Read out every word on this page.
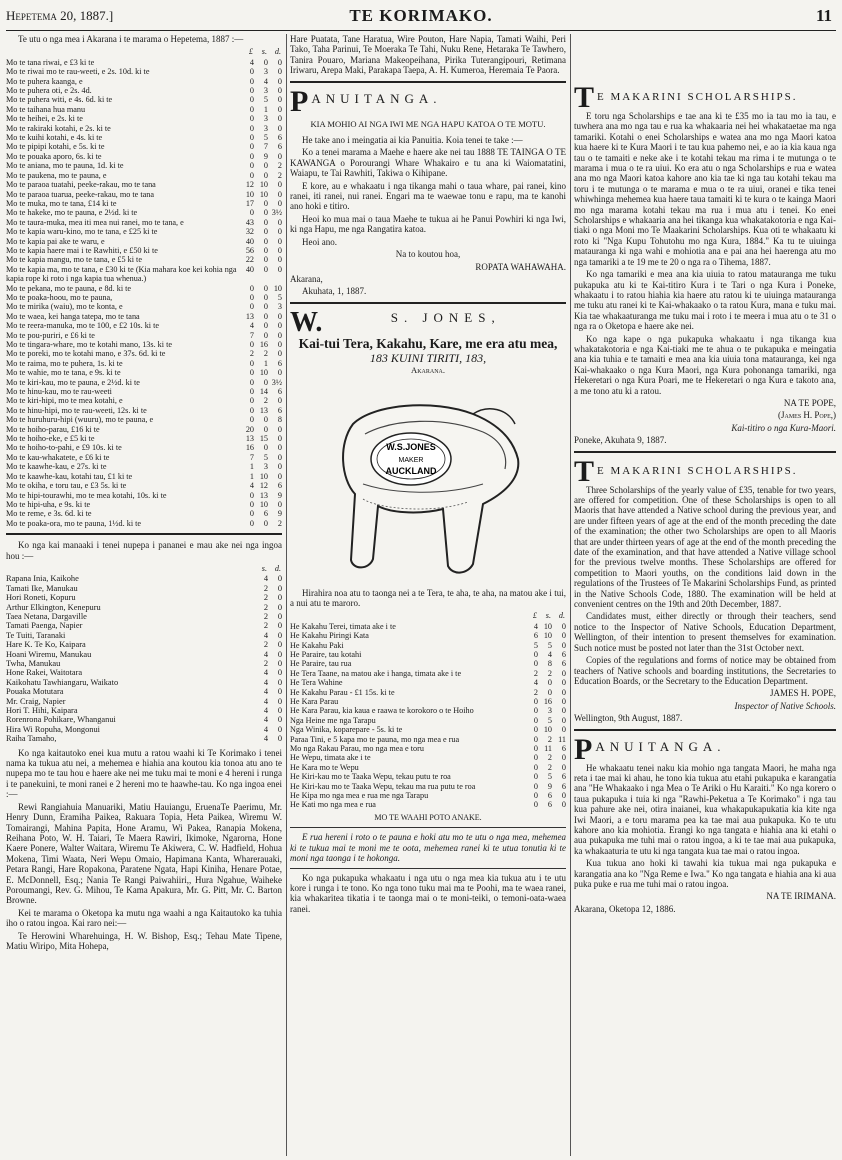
Hepetema 20, 1887.]	TE KORIMAKO.	11

Te utu o nga mea i Akarana i te marama o Hepetema, 1887 :—

	£	s.	d.
Mo te tana riwai, e £3 ki te	4	0	0
Mo te riwai mo te rau-weeti, e 2s. 10d. ki te	0	3	0
Mo te puhera kaanga, e	0	4	0
Mo te puhera oti, e 2s. 4d.	0	3	0
Mo te puhera witi, e 4s. 6d. ki te	0	5	0
Mo te taihana hua manu	0	1	0
Mo te heihei, e 2s. ki te	0	3	0
Mo te rakiraki kotahi, e 2s. ki te	0	3	0
Mo te kuihi kotahi, e 4s. ki te	0	5	6
Mo te pipipi kotahi, e 5s. ki te	0	7	6
Mo te pouaka aporo, 6s. ki te	0	9	0
Mo te aniana, mo te pauna, 1d. ki te	0	0	2
Mo te paukena, mo te pauna, e	0	0	2
Mo te paraoa tuatahi, peeke-rakau, mo te tana	12	10	0
Mo te paraoa tuarua, peeke-rakau, mo te tana	10	10	0
Mo te muka, mo te tana, £14 ki te	17	0	0
Mo te hakeke, mo te pauna, e 2½d. ki te	0	0	3½
Mo te taura-muka, mea iti mea nui ranei, mo te tana, e	43	0	0
Mo te kapia waru-kino, mo te tana, e £25 ki te	32	0	0
Mo te kapia pai ake te waru, e	40	0	0
Mo te kapia haere mai i te Rawhiti, e £50 ki te	56	0	0
Mo te kapia mangu, mo te tana, e £5 ki te	22	0	0
Mo te kapia ma, mo te tana, e £30 ki te (Kia mahara koe kei kohia nga kapia rope ki roto i nga kapia tua whenua.)	40	0	0
Mo te pekana, mo te pauna, e 8d. ki te	0	0	10
Mo te poaka-hoou, mo te pauna,	0	0	5
Mo te mirika (waiu), mo te konta, e	0	0	3
Mo te waea, kei hanga tatepa, mo te tana	13	0	0
Mo te reera-manuka, mo te 100, e £2 10s. ki te	4	0	0
Mo te pou-puriri, e £6 ki te	7	0	0
Mo te tingara-whare, mo te kotahi mano, 13s. ki te	0	16	0
Mo te poreki, mo te kotahi mano, e 37s. 6d. ki te	2	2	0
Mo te raima, mo te puhera, 1s. ki te	0	1	6
Mo te wahie, mo te tana, e 9s. ki te	0	10	0
Mo te kiri-kau, mo te pauna, e 2½d. ki te	0	0	3½
Mo te hinu-kau, mo te rau-weeti	0	14	6
Mo te kiri-hipi, mo te mea kotahi, e	0	2	0
Mo te hinu-hipi, mo te rau-weeti, 12s. ki te	0	13	6
Mo te huruhuru-hipi (wuuru), mo te pauna, e	0	0	8
Mo te hoiho-parau, £16 ki te	20	0	0
Mo te hoiho-eke, e £5 ki te	13	15	0
Mo te hoiho-to-pahi, e £9 10s. ki te	16	0	0
Mo te kau-whakatete, e £6 ki te	7	5	0
Mo te kaawhe-kau, e 27s. ki te	1	3	0
Mo te kaawhe-kau, kotahi tau, £1 ki te	1	10	0
Mo te okiha, e toru tau, e £3 5s. ki te	4	12	6
Mo te hipi-tourawhi, mo te mea kotahi, 10s. ki te	0	13	9
Mo te hipi-uha, e 9s. ki te	0	10	0
Mo te reme, e 3s. 6d. ki te	0	6	9
Mo te poaka-ora, mo te pauna, 1½d. ki te	0	0	2

Ko nga kai manaaki i tenei nupepa i pananei e mau ake nei nga ingoa hou :—

	s.	d.
Rapana Inia, Kaikohe	4	0
Tamati Ike, Manukau	2	0
Hori Roneti, Kopuru	2	0
Arthur Elkington, Kenepuru	2	0
Taea Netana, Dargaville	2	0
Tamati Paenga, Napier	2	0
Te Tuiti, Taranaki	4	0
Hare K. Te Ko, Kaipara	2	0
Hoani Wiremu, Manukau	4	0
Twha, Manukau	2	0
Hone Rakei, Waitotara	4	0
Kaikohatu Tawhiangaru, Waikato	4	0
Pouaka Motutara	4	0
Mr. Craig, Napier	4	0
Hori T. Hihi, Kaipara	4	0
Rorenrona Pohikare, Whanganui	4	0
Hira Wi Ropuha, Mongonui	4	0
Raiha Tamaho,	4	0

Ko nga kaitautoko enei kua mutu a ratou waahi ki Te Korimako i tenei nama ka tukua atu nei, a mehemea e hiahia ana koutou kia tonoa atu ano te nupepa mo te tau hou e haere ake nei me tuku mai te moni e 4 hereni i runga i te panekuini, te moni ranei e 2 hereni mo te haawhe-tau. Ko nga ingoa enei :—

Rewi Rangiahuia Manuariki, Matiu Hauiangu, EruenaTe Paerimu, Mr. Henry Dunn, Eramiha Paikea, Rakuara Topia, Heta Paikea, Wiremu W. Tomairangi, Mahina Papita, Hone Aramu, Wi Pakea, Ranapia Mokena, Reihana Poto, W. H. Taiari, Te Maera Rawiri, Ikimoke, Ngarorna, Hone Kaere Ponere, Walter Waitara, Wiremu Te Akiwera, C. W. Hadfield, Hohua Mokena, Timi Waata, Neri Wepu Omaio, Hapimana Kanta, Wharerauaki, Petara Rangi, Hare Ropakona, Paratene Ngata, Hapi Kiniha, Henare Potae, E. McDonnell, Esq.; Nania Te Rangi Paiwahiiri,, Hura Ngahue, Waiheke Poroumangi, Rev. G. Mihou, Te Kama Apakura, Mr. G. Pitt, Mr. C. Barton Browne.

Kei te marama o Oketopa ka mutu nga waahi a nga Kaitautoko ka tuhia iho o ratou ingoa. Kai raro nei:—

Te Herowini Wharehuinga, H. W. Bishop, Esq.; Tehau Mate Tipene, Matiu Wiripo, Mita Hohepa,

Hare Puatata, Tane Haratua, Wire Pouton, Hare Napia, Tamati Waihi, Peri Tako, Taha Parinui, Te Moeraka Te Tahi, Nuku Rene, Hetaraka Te Tawhero, Tanira Pouaro, Mariana Makeopeihana, Pirika Tuterangipouri, Retimana Iriwaru, Arepa Maki, Parakapa Taepa, A. H. Kumeroa, Heremaia Te Paora.

P ANUITANGA.
KIA MOHIO AI NGA IWI ME NGA HAPU KATOA O TE MOTU.

He take ano i meingatia ai kia Panuitia. Koia tenei te take :—

Ko a tenei marama a Maehe e haere ake nei tau 1888 TE TAINGA O TE KAWANGA o Porourangi Whare Whakairo e tu ana ki Waiomatatini, Waiapu, te Tai Rawhiti, Takiwa o Kihipane.

E kore, au e whakaatu i nga tikanga mahi o taua whare, pai ranei, kino ranei, iti ranei, nui ranei. Engari ma te waewae tonu e rapu, ma te kanohi ano hoki e titiro.

Heoi ko mua mai o taua Maehe te tukua ai he Panui Powhiri ki nga Iwi, ki nga Hapu, me nga Rangatira katoa.

Heoi ano.

Na to koutou hoa,

ROPATA WAHAWAHA.

Akarana,

Akuhata, 1, 1887.

W.	S. JONES,
Kai-tui Tera, Kakahu, Kare, me era atu mea,
183 KUINI TIRITI, 183,
Akarana.
W.S.JONES
MAKER
AUCKLAND

Hirahira noa atu to taonga nei a te Tera, te aha, te aha, na matou ake i tui, a nui atu te maroro.

	£	s.	d.
He Kakahu Terei, timata ake i te	4	10	0
He Kakahu Piringi Kata	6	10	0
He Kakahu Paki	5	5	0
He Paraire, tau kotahi	0	4	6
He Paraire, tau rua	0	8	6
He Tera Taane, na matou ake i hanga, timata ake i te	2	2	0
He Tera Wahine	4	0	0
He Kakahu Parau - £1 15s. ki te	2	0	0
He Kara Parau	0	16	0
He Kara Parau, kia kaua e raawa te korokoro o te Hoiho	0	3	0
Nga Heine me nga Tarapu	0	5	0
Nga Winika, koparepare - 5s. ki te	0	10	0
Paraa Tini, e 5 kapa mo te pauna, mo nga mea e rua	0	2	11
Mo nga Rakau Parau, mo nga mea e toru	0	11	6
He Wepu, timata ake i te	0	2	0
He Kara mo te Wepu	0	2	0
He Kiri-kau mo te Taaka Wepu, tekau putu te roa	0	5	6
He Kiri-kau mo te Taaka Wepu, tekau ma rua putu te roa	0	9	6
He Kipa mo nga mea e rua me nga Tarapu	0	6	0
He Kati mo nga mea e rua	0	6	0

MO TE WAAHI POTO ANAKE.

E rua hereni i roto o te pauna e hoki atu mo te utu o nga mea, mehemea ki te tukua mai te moni me te oota, mehemea ranei ki te utua tonutia ki te moni nga taonga i te hokonga.

Ko nga pukapuka whakaatu i nga utu o nga mea kia tukua atu i te utu kore i runga i te tono. Ko nga tono tuku mai ma te Poohi, ma te waea ranei, kia whakaritea tikatia i te taonga mai o te moni-teiki, o temoni-oata-waea ranei.

T E MAKARINI SCHOLARSHIPS.

E toru nga Scholarships e tae ana ki te £35 mo ia tau mo ia tau, e tuwhera ana mo nga tau e rua ka whakaaria nei hei whakataetae ma nga tamariki. Kotahi o enei Scholarships e watea ana mo nga Maori katoa kua haere ki te Kura Maori i te tau kua pahemo nei, e ao ia kia kaua nga tau o te tamaiti e neke ake i te kotahi tekau ma rima i te mutunga o te marama i mua o te ra uiui. Ko era atu o nga Scholarships e rua e watea ana mo nga Maori katoa kahore ano kia tae ki nga tau kotahi tekau ma toru i te mutunga o te marama e mua o te ra uiui, oranei e tika tenei whiwhinga mehemea kua haere taua tamaiti ki te kura o te kainga Maori mo nga marama kotahi tekau ma rua i mua atu i tenei. Ko enei Scholarships e whakaaria ana hei tikanga kua whakatakotoria e nga Kai-tiaki o nga Moni mo Te Maakarini Scholarships. Kua oti te whakaatu ki roto ki "Nga Kupu Tohutohu mo nga Kura, 1884." Ka tu te uiuinga matauranga ki nga wahi e mohiotia ana e pai ana hei haerenga atu mo nga tamariki a te 19 me te 20 o nga ra o Tihema, 1887.

Ko nga tamariki e mea ana kia uiuia to ratou matauranga me tuku pukapuka atu ki te Kai-titiro Kura i te Tari o nga Kura i Poneke, whakaatu i to ratou hiahia kia haere atu ratou ki te uiuinga matauranga me tuku atu ranei ki te Kai-whakaako o ta ratou Kura, mana e tuku mai. Kia tae whakaaturanga me tuku mai i roto i te meera i mua atu o te 31 o nga ra o Oketopa e haere ake nei.

Ko nga kape o nga pukapuka whakaatu i nga tikanga kua whakatakotoria e nga Kai-tiaki me te ahua o te pukapuka e meingatia ana kia tuhia e te tamaiti e mea ana kia uiuia tona matauranga, kei nga Kai-whakaako o nga Kura Maori, nga Kura pohonanga tamariki, nga Hekeretari o nga Kura Poari, me te Hekeretari o nga Kura e takoto ana, a me tono atu ki a ratou.

NA TE POPE,

(James H. Pope,)

Kai-titiro o nga Kura-Maori.

Poneke, Akuhata 9, 1887.

T E MAKARINI SCHOLARSHIPS.

Three Scholarships of the yearly value of £35, tenable for two years, are offered for competition. One of these Scholarships is open to all Maoris that have attended a Native school during the previous year, and are under fifteen years of age at the end of the month preceding the date of the examination; the other two Scholarships are open to all Maoris that are under thirteen years of age at the end of the month preceding the date of the examination, and that have attended a Native village school for the previous twelve months. These Scholarships are offered for competition to Maori youths, on the conditions laid down in the regulations of the Trustees of Te Makarini Scholarships Fund, as printed in the Native Schools Code, 1880. The examination will be held at convenient centres on the 19th and 20th December, 1887.

Candidates must, either directly or through their teachers, send notice to the Inspector of Native Schools, Education Department, Wellington, of their intention to present themselves for examination. Such notice must be posted not later than the 31st October next.

Copies of the regulations and forms of notice may be obtained from teachers of Native schools and boarding institutions, the Secretaries to Education Boards, or the Secretary to the Education Department.

JAMES H. POPE,

Inspector of Native Schools.

Wellington, 9th August, 1887.

P ANUITANGA.

He whakaatu tenei naku kia mohio nga tangata Maori, he maha nga reta i tae mai ki ahau, he tono kia tukua atu etahi pukapuka e karangatia ana "He Whakaako i nga Mea o Te Ariki o Hu Karaiti." Ko nga korero o taua pukapuka i tuia ki nga "Rawhi-Peketua a Te Korimako" i nga tau kua pahure ake nei, otira inaianei, kua whakapukapukatia kia kite nga Iwi Maori, a e toru marama pea ka tae mai aua pukapuka. Ko te utu kahore ano kia mohiotia. Erangi ko nga tangata e hiahia ana ki etahi o aua pukapuka me tuhi mai o ratou ingoa, a ki te tae mai aua pukapuka, ka whakaaturia te utu ki nga tangata kua tae mai o ratou ingoa.

Kua tukua ano hoki ki tawahi kia tukua mai nga pukapuka e karangatia ana ko "Nga Reme e Iwa." Ko nga tangata e hiahia ana ki aua puka puke e rua me tuhi mai o ratou ingoa.

NA TE IRIMANA.

Akarana, Oketopa 12, 1886.
